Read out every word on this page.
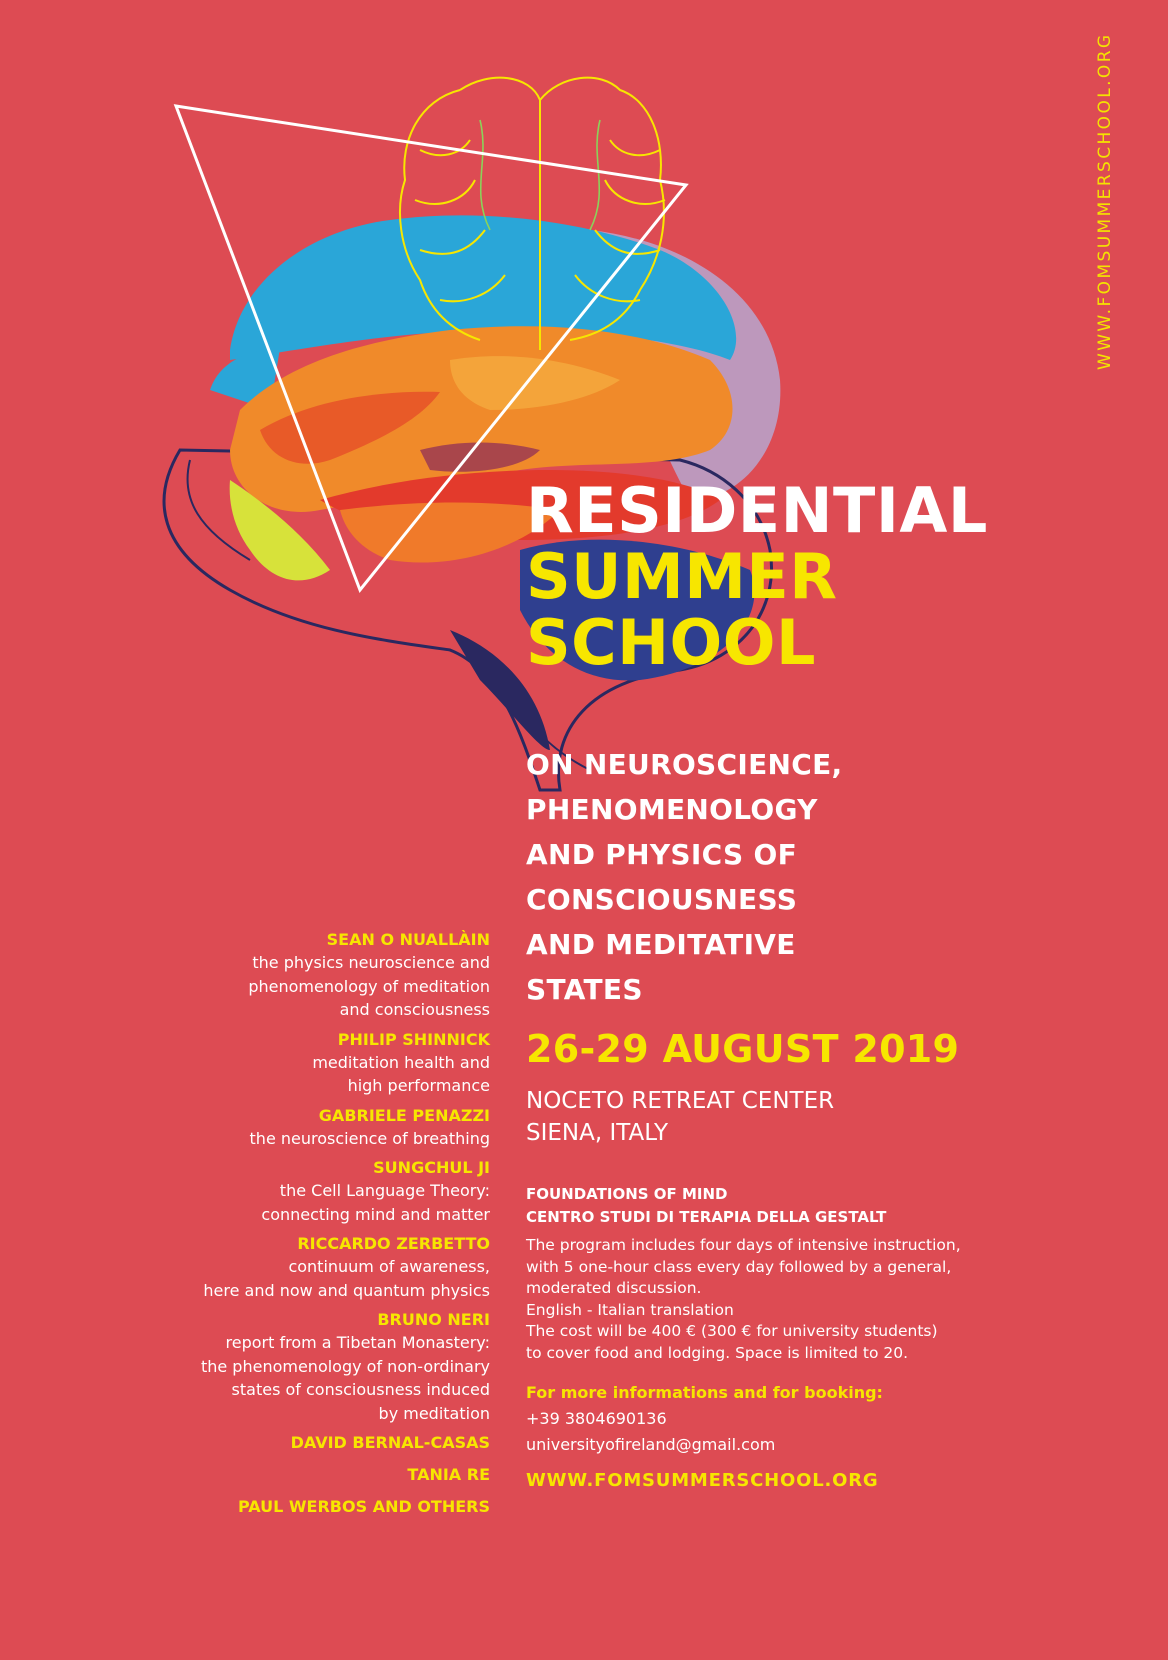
WWW.FOMSUMMERSCHOOL.ORG
RESIDENTIAL
SUMMER
SCHOOL
ON NEUROSCIENCE,
PHENOMENOLOGY
AND PHYSICS OF
CONSCIOUSNESS
AND MEDITATIVE
STATES
26-29 AUGUST 2019
NOCETO RETREAT CENTER
SIENA, ITALY
FOUNDATIONS OF MIND
CENTRO STUDI DI TERAPIA DELLA GESTALT
The program includes four days of intensive instruction,
with 5 one-hour class every day followed by a general,
moderated discussion.
English - Italian translation
The cost will be 400 € (300 € for university students)
to cover food and lodging. Space is limited to 20.
For more informations and for booking:
+39 3804690136
universityofireland@gmail.com
WWW.FOMSUMMERSCHOOL.ORG
SEAN O NUALLÀIN
the physics neuroscience and
phenomenology of meditation
and consciousness
PHILIP SHINNICK
meditation health and
high performance
GABRIELE PENAZZI
the neuroscience of breathing
SUNGCHUL JI
the Cell Language Theory:
connecting mind and matter
RICCARDO ZERBETTO
continuum of awareness,
here and now and quantum physics
BRUNO NERI
report from a Tibetan Monastery:
the phenomenology of non-ordinary
states of consciousness induced
by meditation
DAVID BERNAL-CASAS
TANIA RE
PAUL WERBOS AND OTHERS
